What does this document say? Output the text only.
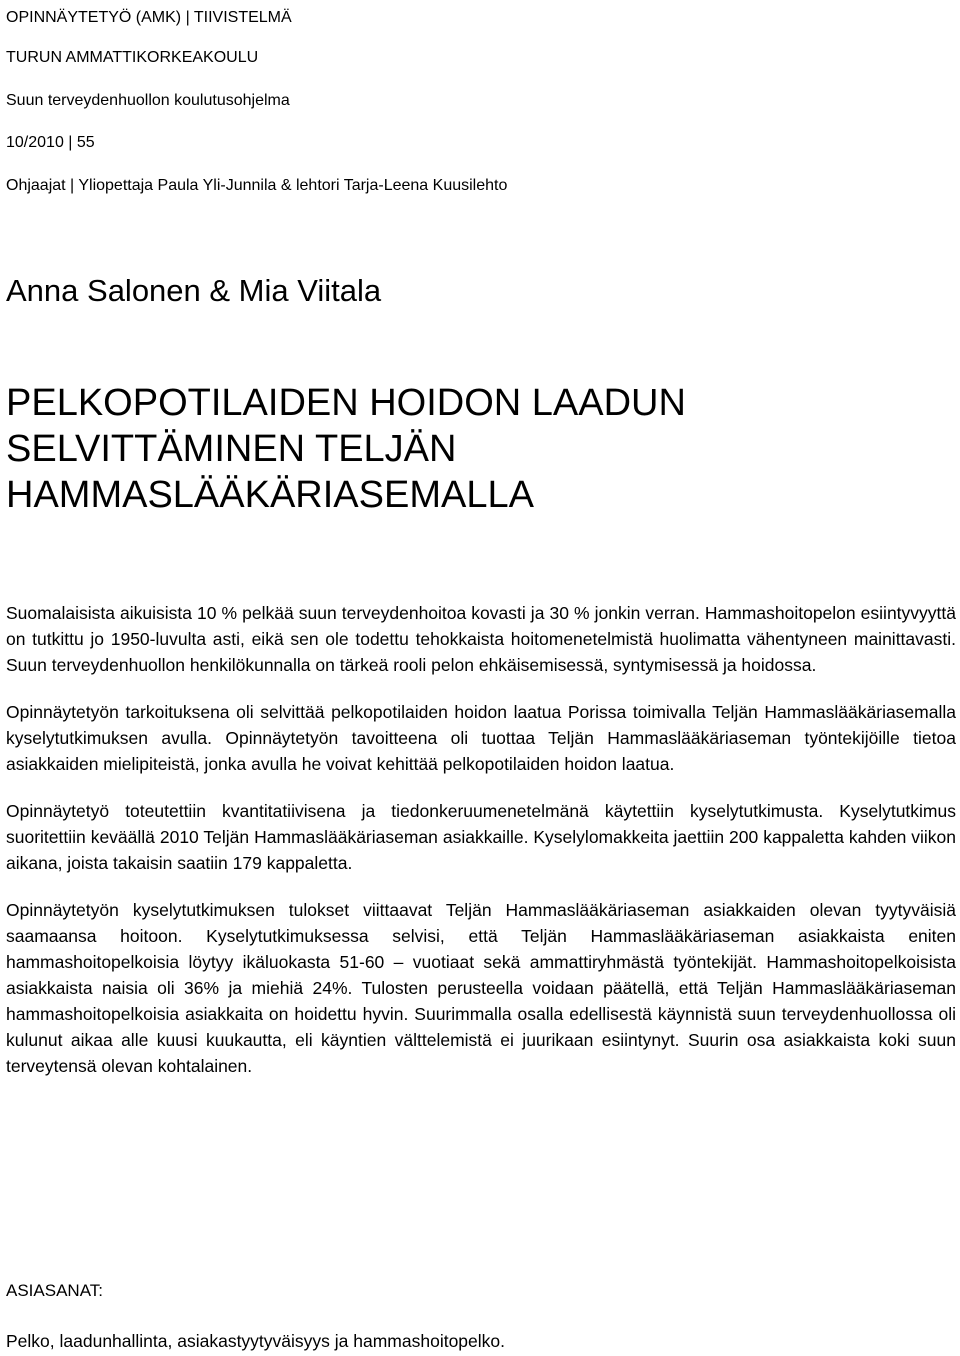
OPINNÄYTETYÖ (AMK) | TIIVISTELMÄ
TURUN AMMATTIKORKEAKOULU
Suun terveydenhuollon koulutusohjelma
10/2010 | 55
Ohjaajat | Yliopettaja Paula Yli-Junnila & lehtori Tarja-Leena Kuusilehto
Anna Salonen & Mia Viitala
PELKOPOTILAIDEN HOIDON LAADUN
SELVITTÄMINEN TELJÄN
HAMMASLÄÄKÄRIASEMALLA

Suomalaisista aikuisista 10 % pelkää suun terveydenhoitoa kovasti ja 30 % jonkin verran. Hammashoitopelon esiintyvyyttä on tutkittu jo 1950-luvulta asti, eikä sen ole todettu tehokkaista hoitomenetelmistä huolimatta vähentyneen mainittavasti. Suun terveydenhuollon henkilökunnalla on tärkeä rooli pelon ehkäisemisessä, syntymisessä ja hoidossa.

Opinnäytetyön tarkoituksena oli selvittää pelkopotilaiden hoidon laatua Porissa toimivalla Teljän Hammaslääkäriasemalla kyselytutkimuksen avulla. Opinnäytetyön tavoitteena oli tuottaa Teljän Hammaslääkäriaseman työntekijöille tietoa asiakkaiden mielipiteistä, jonka avulla he voivat kehittää pelkopotilaiden hoidon laatua.

Opinnäytetyö toteutettiin kvantitatiivisena ja tiedonkeruumenetelmänä käytettiin kyselytutkimusta. Kyselytutkimus suoritettiin keväällä 2010 Teljän Hammaslääkäriaseman asiakkaille. Kyselylomakkeita jaettiin 200 kappaletta kahden viikon aikana, joista takaisin saatiin 179 kappaletta.

Opinnäytetyön kyselytutkimuksen tulokset viittaavat Teljän Hammaslääkäriaseman asiakkaiden olevan tyytyväisiä saamaansa hoitoon. Kyselytutkimuksessa selvisi, että Teljän Hammaslääkäriaseman asiakkaista eniten hammashoitopelkoisia löytyy ikäluokasta 51-60 – vuotiaat sekä ammattiryhmästä työntekijät. Hammashoitopelkoisista asiakkaista naisia oli 36% ja miehiä 24%. Tulosten perusteella voidaan päätellä, että Teljän Hammaslääkäriaseman hammashoitopelkoisia asiakkaita on hoidettu hyvin. Suurimmalla osalla edellisestä käynnistä suun terveydenhuollossa oli kulunut aikaa alle kuusi kuukautta, eli käyntien välttelemistä ei juurikaan esiintynyt. Suurin osa asiakkaista koki suun terveytensä olevan kohtalainen.

ASIASANAT:
Pelko, laadunhallinta, asiakastyytyväisyys ja hammashoitopelko.
